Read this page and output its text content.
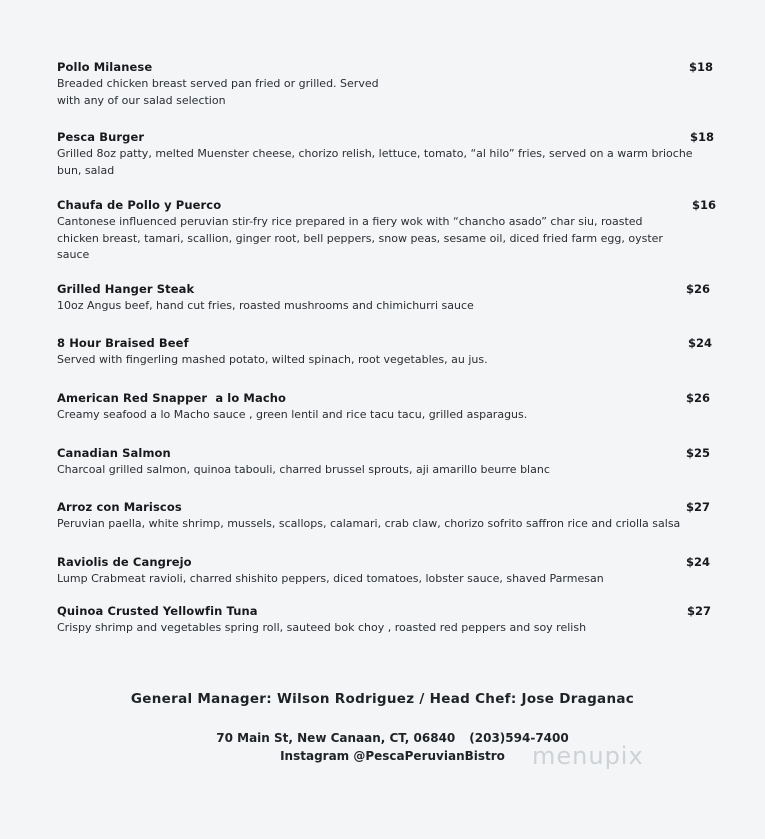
Pollo Milanese	$18
Breaded chicken breast served pan fried or grilled. Served
with any of our salad selection
Pesca Burger	$18
Grilled 8oz patty, melted Muenster cheese, chorizo relish, lettuce, tomato, “al hilo” fries, served on a warm brioche
bun, salad
Chaufa de Pollo y Puerco	$16
Cantonese influenced peruvian stir-fry rice prepared in a fiery wok with “chancho asado” char siu, roasted
chicken breast, tamari, scallion, ginger root, bell peppers, snow peas, sesame oil, diced fried farm egg, oyster
sauce
Grilled Hanger Steak	$26
10oz Angus beef, hand cut fries, roasted mushrooms and chimichurri sauce
8 Hour Braised Beef	$24
Served with fingerling mashed potato, wilted spinach, root vegetables, au jus.
American Red Snapper  a lo Macho	$26
Creamy seafood a lo Macho sauce , green lentil and rice tacu tacu, grilled asparagus.
Canadian Salmon	$25
Charcoal grilled salmon, quinoa tabouli, charred brussel sprouts, aji amarillo beurre blanc
Arroz con Mariscos	$27
Peruvian paella, white shrimp, mussels, scallops, calamari, crab claw, chorizo sofrito saffron rice and criolla salsa
Raviolis de Cangrejo	$24
Lump Crabmeat ravioli, charred shishito peppers, diced tomatoes, lobster sauce, shaved Parmesan
Quinoa Crusted Yellowfin Tuna	$27
Crispy shrimp and vegetables spring roll, sauteed bok choy , roasted red peppers and soy relish
General Manager: Wilson Rodriguez / Head Chef: Jose Draganac
70 Main St, New Canaan, CT, 06840 (203)594-7400
Instagram @PescaPeruvianBistro	menupix
